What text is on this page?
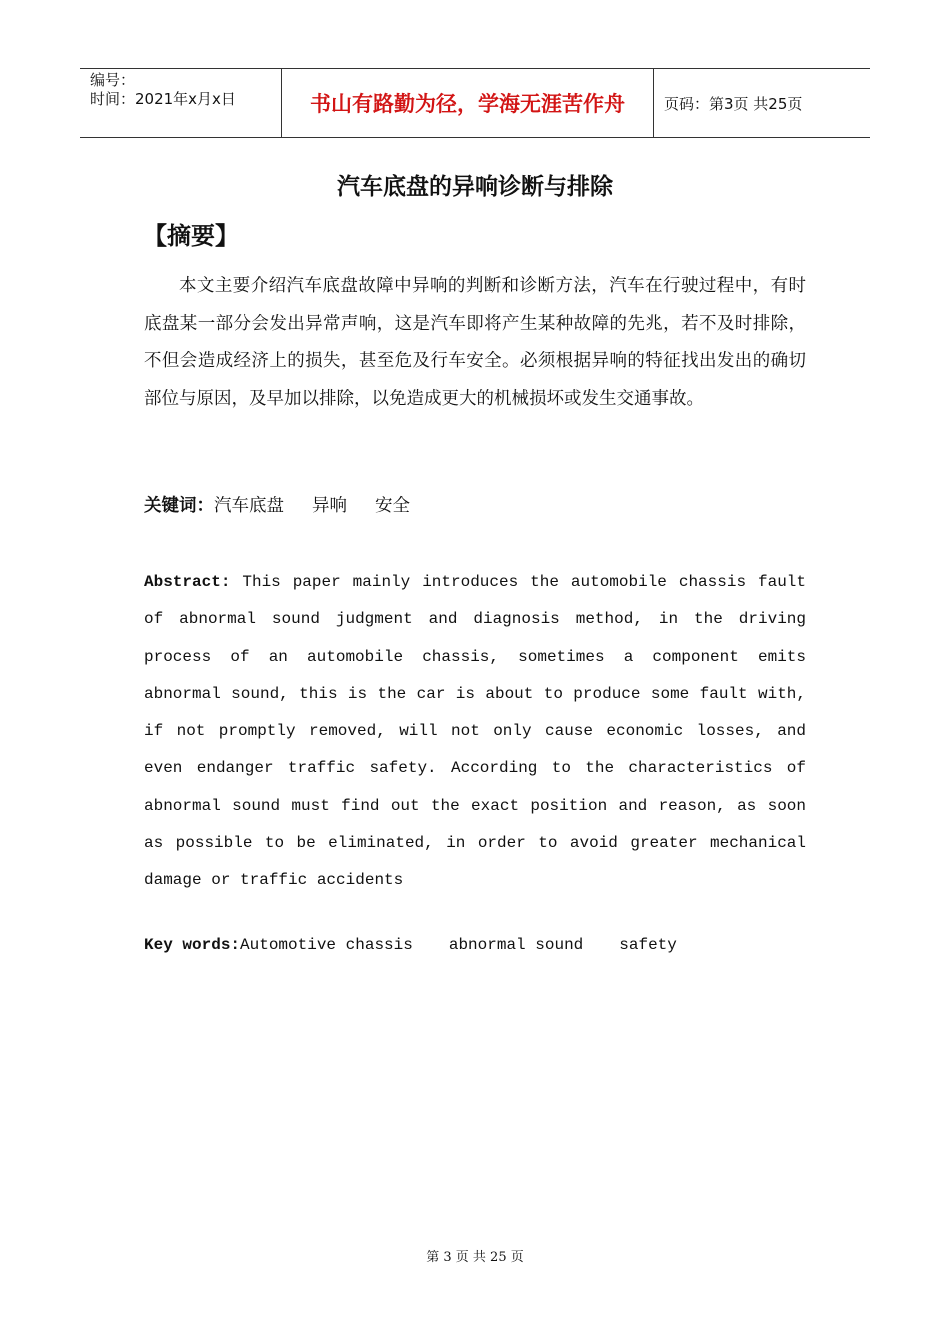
编号：
时间：2021年x月x日	书山有路勤为径，学海无涯苦作舟	页码：第3页 共25页
汽车底盘的异响诊断与排除
【摘要】

本文主要介绍汽车底盘故障中异响的判断和诊断方法，汽车在行驶过程中，有时底盘某一部分会发出异常声响，这是汽车即将产生某种故障的先兆，若不及时排除，不但会造成经济上的损失，甚至危及行车安全。必须根据异响的特征找出发出的确切部位与原因，及早加以排除，以免造成更大的机械损坏或发生交通事故。

关键词：汽车底盘 异响 安全

Abstract: This paper mainly introduces the automobile chassis fault of abnormal sound judgment and diagnosis method, in the driving process of an automobile chassis, sometimes a component emits abnormal sound, this is the car is about to produce some fault with, if not promptly removed, will not only cause economic losses, and even endanger traffic safety. According to the characteristics of abnormal sound must find out the exact position and reason, as soon as possible to be eliminated, in order to avoid greater mechanical damage or traffic accidents

Key words:Automotive chassis abnormal sound safety
第 3 页 共 25 页
